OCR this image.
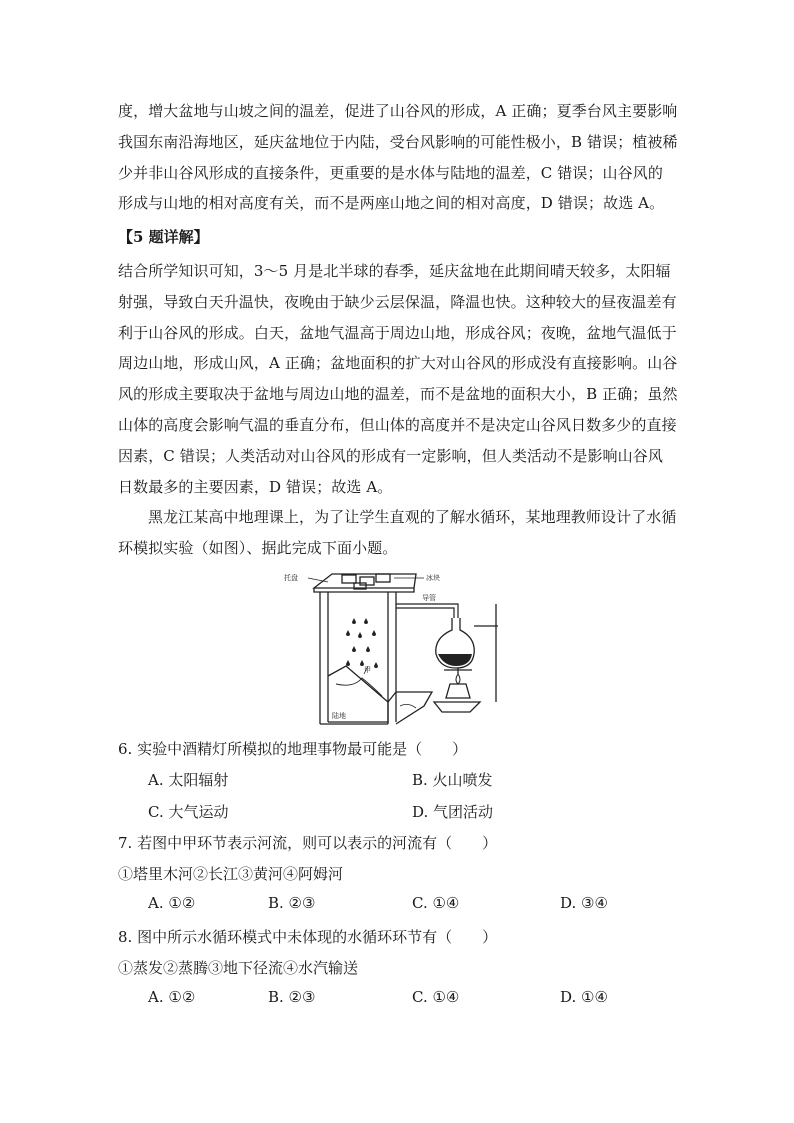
度，增大盆地与山坡之间的温差，促进了山谷风的形成，A 正确；夏季台风主要影响我国东南沿海地区，延庆盆地位于内陆，受台风影响的可能性极小，B 错误；植被稀少并非山谷风形成的直接条件，更重要的是水体与陆地的温差，C 错误；山谷风的形成与山地的相对高度有关，而不是两座山地之间的相对高度，D 错误；故选 A。
【5 题详解】
结合所学知识可知，3～5 月是北半球的春季，延庆盆地在此期间晴天较多，太阳辐射强，导致白天升温快，夜晚由于缺少云层保温，降温也快。这种较大的昼夜温差有利于山谷风的形成。白天，盆地气温高于周边山地，形成谷风；夜晚，盆地气温低于周边山地，形成山风，A 正确；盆地面积的扩大对山谷风的形成没有直接影响。山谷风的形成主要取决于盆地与周边山地的温差，而不是盆地的面积大小，B 正确；虽然山体的高度会影响气温的垂直分布，但山体的高度并不是决定山谷风日数多少的直接因素，C 错误；人类活动对山谷风的形成有一定影响，但人类活动不是影响山谷风日数最多的主要因素，D 错误；故选 A。
黑龙江某高中地理课上，为了让学生直观的了解水循环，某地理教师设计了水循环模拟实验（如图）、据此完成下面小题。
托盘	冰块
导管
甲
陆地
6. 实验中酒精灯所模拟的地理事物最可能是（　　）
A. 太阳辐射	B. 火山喷发
C. 大气运动	D. 气团活动
7. 若图中甲环节表示河流，则可以表示的河流有（　　）
①塔里木河②长江③黄河④阿姆河
A. ①②	B. ②③	C. ①④	D. ③④
8. 图中所示水循环模式中未体现的水循环环节有（　　）
①蒸发②蒸腾③地下径流④水汽输送
A. ①②	B. ②③	C. ①④	D. ①④
